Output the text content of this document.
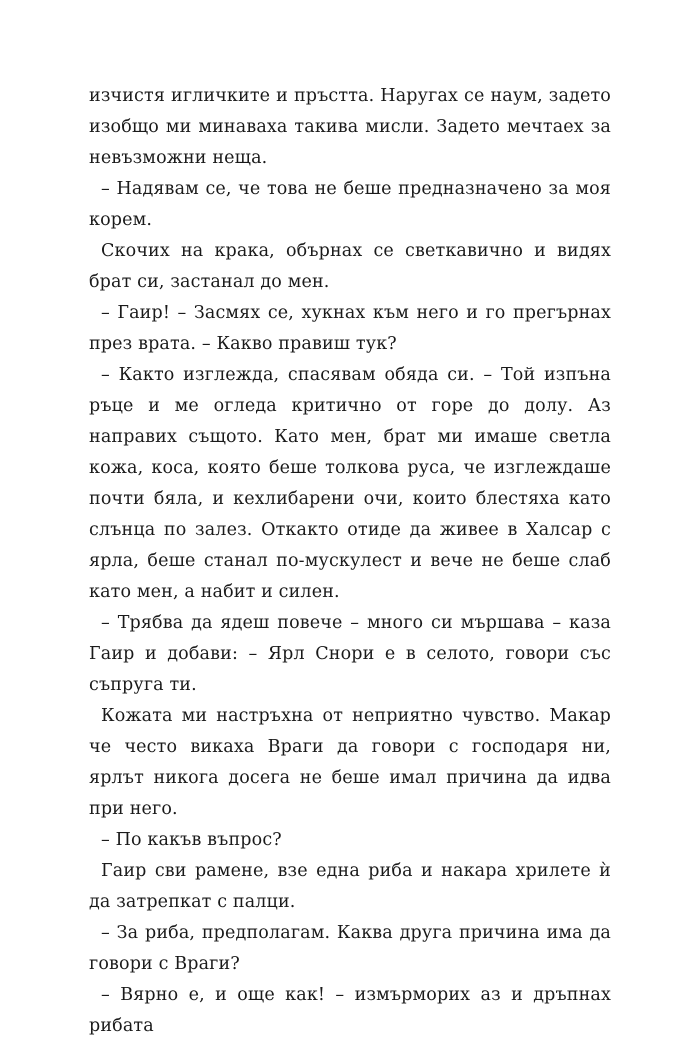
изчистя игличките и пръстта. Наругах се наум, задето изобщо ми минаваха такива мисли. Задето мечтаех за невъзможни неща.

– Надявам се, че това не беше предназначено за моя корем.

Скочих на крака, обърнах се светкавично и видях брат си, застанал до мен.

– Гаир! – Засмях се, хукнах към него и го прегърнах през врата. – Какво правиш тук?

– Както изглежда, спасявам обяда си. – Той изпъна ръце и ме огледа критично от горе до долу. Аз направих същото. Като мен, брат ми имаше светла кожа, коса, която беше толкова руса, че изглеждаше почти бяла, и кехлибарени очи, които блестяха като слънца по залез. Откакто отиде да живее в Халсар с ярла, беше станал по-мускулест и вече не беше слаб като мен, а набит и силен.

– Трябва да ядеш повече – много си мършава – каза Гаир и добави: – Ярл Снори е в селото, говори със съпруга ти.

Кожата ми настръхна от неприятно чувство. Макар че често викаха Враги да говори с господаря ни, ярлът никога досега не беше имал причина да идва при него.

– По какъв въпрос?

Гаир сви рамене, взе една риба и накара хрилете ѝ да затрепкат с палци.

– За риба, предполагам. Каква друга причина има да говори с Враги?

– Вярно е, и още как! – измърморих аз и дръпнах рибата
